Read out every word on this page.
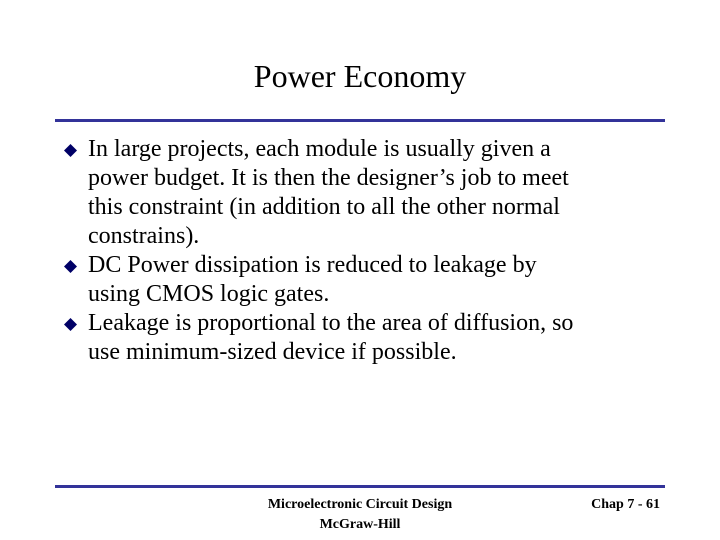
Power Economy
In large projects, each module is usually given a
power budget. It is then the designer’s job to meet
this constraint (in addition to all the other normal
constrains).
DC Power dissipation is reduced to leakage by
using CMOS logic gates.
Leakage is proportional to the area of diffusion, so
use minimum-sized device if possible.
Microelectronic Circuit Design
McGraw-Hill
Chap 7 - 61
